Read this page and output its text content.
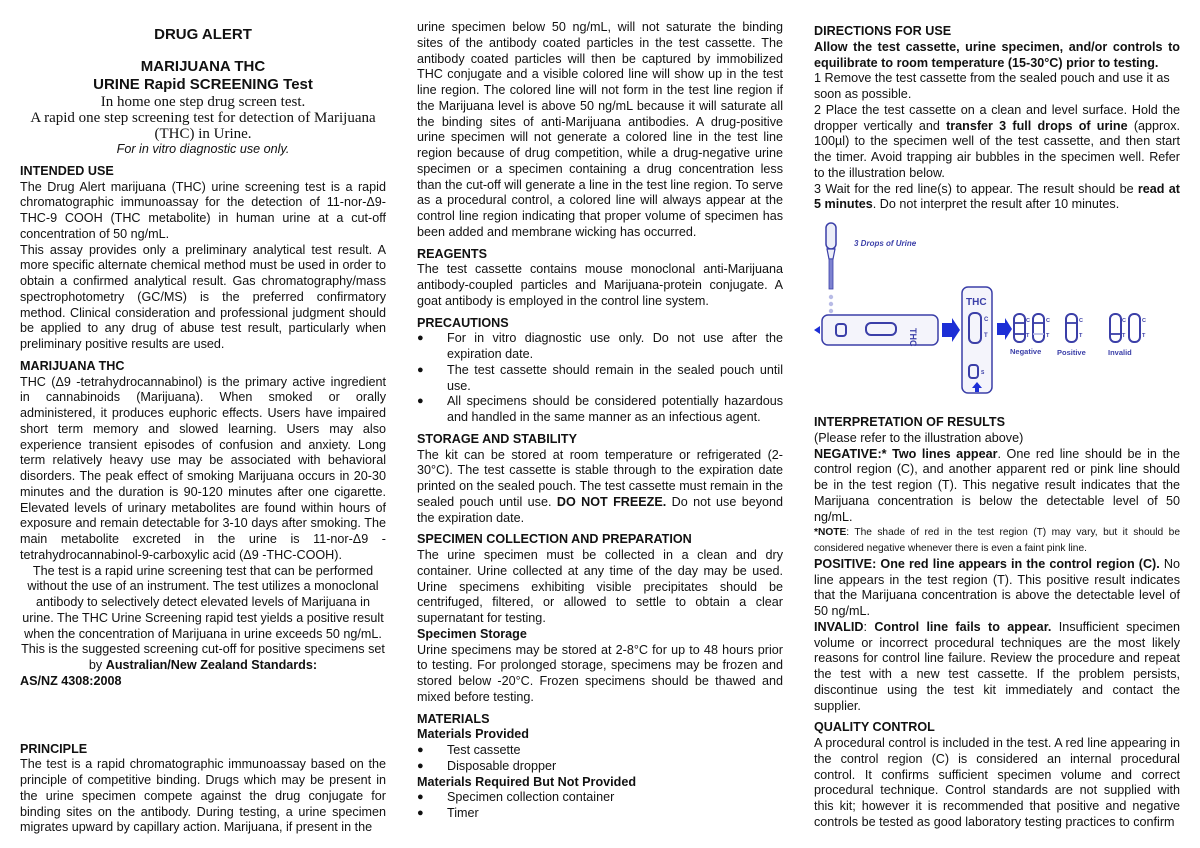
DRUG ALERT
MARIJUANA THC
URINE Rapid SCREENING Test
In home one step drug screen test.
A rapid one step screening test for detection of Marijuana (THC) in Urine.
For in vitro diagnostic use only.
INTENDED USE

The Drug Alert marijuana (THC) urine screening test is a rapid chromatographic immunoassay for the detection of 11-nor-Δ9-THC-9 COOH (THC metabolite) in human urine at a cut-off concentration of 50 ng/mL.

This assay provides only a preliminary analytical test result. A more specific alternate chemical method must be used in order to obtain a confirmed analytical result. Gas chromatography/mass spectrophotometry (GC/MS) is the preferred confirmatory method. Clinical consideration and professional judgment should be applied to any drug of abuse test result, particularly when preliminary positive results are used.

MARIJUANA THC

THC (Δ9 -tetrahydrocannabinol) is the primary active ingredient in cannabinoids (Marijuana). When smoked or orally administered, it produces euphoric effects. Users have impaired short term memory and slowed learning. Users may also experience transient episodes of confusion and anxiety. Long term relatively heavy use may be associated with behavioral disorders. The peak effect of smoking Marijuana occurs in 20-30 minutes and the duration is 90-120 minutes after one cigarette. Elevated levels of urinary metabolites are found within hours of exposure and remain detectable for 3-10 days after smoking. The main metabolite excreted in the urine is 11-nor-Δ9 -tetrahydrocannabinol-9-carboxylic acid (Δ9 -THC-COOH).

The test is a rapid urine screening test that can be performed without the use of an instrument. The test utilizes a monoclonal antibody to selectively detect elevated levels of Marijuana in urine. The THC Urine Screening rapid test yields a positive result when the concentration of Marijuana in urine exceeds 50 ng/mL. This is the suggested screening cut-off for positive specimens set by Australian/New Zealand Standards:

AS/NZ 4308:2008

PRINCIPLE

The test is a rapid chromatographic immunoassay based on the principle of competitive binding. Drugs which may be present in the urine specimen compete against the drug conjugate for binding sites on the antibody. During testing, a urine specimen migrates upward by capillary action. Marijuana, if present in the

urine specimen below 50 ng/mL, will not saturate the binding sites of the antibody coated particles in the test cassette. The antibody coated particles will then be captured by immobilized THC conjugate and a visible colored line will show up in the test line region. The colored line will not form in the test line region if the Marijuana level is above 50 ng/mL because it will saturate all the binding sites of anti-Marijuana antibodies. A drug-positive urine specimen will not generate a colored line in the test line region because of drug competition, while a drug-negative urine specimen or a specimen containing a drug concentration less than the cut-off will generate a line in the test line region. To serve as a procedural control, a colored line will always appear at the control line region indicating that proper volume of specimen has been added and membrane wicking has occurred.

REAGENTS

The test cassette contains mouse monoclonal anti-Marijuana antibody-coupled particles and Marijuana-protein conjugate. A goat antibody is employed in the control line system.

PRECAUTIONS
● For in vitro diagnostic use only. Do not use after the expiration date.
● The test cassette should remain in the sealed pouch until use.
● All specimens should be considered potentially hazardous and handled in the same manner as an infectious agent.
STORAGE AND STABILITY

The kit can be stored at room temperature or refrigerated (2-30°C). The test cassette is stable through to the expiration date printed on the sealed pouch. The test cassette must remain in the sealed pouch until use. DO NOT FREEZE. Do not use beyond the expiration date.

SPECIMEN COLLECTION AND PREPARATION

The urine specimen must be collected in a clean and dry container. Urine collected at any time of the day may be used. Urine specimens exhibiting visible precipitates should be centrifuged, filtered, or allowed to settle to obtain a clear supernatant for testing.

Specimen Storage

Urine specimens may be stored at 2-8°C for up to 48 hours prior to testing. For prolonged storage, specimens may be frozen and stored below -20°C. Frozen specimens should be thawed and mixed before testing.

MATERIALS

Materials Provided

● Test cassette
● Disposable dropper

Materials Required But Not Provided

● Specimen collection container
● Timer
DIRECTIONS FOR USE

Allow the test cassette, urine specimen, and/or controls to equilibrate to room temperature (15-30°C) prior to testing.

1 Remove the test cassette from the sealed pouch and use it as soon as possible.

2 Place the test cassette on a clean and level surface. Hold the dropper vertically and transfer 3 full drops of urine (approx. 100µl) to the specimen well of the test cassette, and then start the timer. Avoid trapping air bubbles in the specimen well. Refer to the illustration below.

3 Wait for the red line(s) to appear. The result should be read at 5 minutes. Do not interpret the result after 10 minutes.

3 Drops of Urine
THC
THC
C
T
S
C
T
C
T
Negative
C
T
Positive
C
T
C
T
Invalid
INTERPRETATION OF RESULTS

(Please refer to the illustration above)

NEGATIVE:* Two lines appear. One red line should be in the control region (C), and another apparent red or pink line should be in the test region (T). This negative result indicates that the Marijuana concentration is below the detectable level of 50 ng/mL.

*NOTE: The shade of red in the test region (T) may vary, but it should be considered negative whenever there is even a faint pink line.

POSITIVE: One red line appears in the control region (C). No line appears in the test region (T). This positive result indicates that the Marijuana concentration is above the detectable level of 50 ng/mL.

INVALID: Control line fails to appear. Insufficient specimen volume or incorrect procedural techniques are the most likely reasons for control line failure. Review the procedure and repeat the test with a new test cassette. If the problem persists, discontinue using the test kit immediately and contact the supplier.

QUALITY CONTROL

A procedural control is included in the test. A red line appearing in the control region (C) is considered an internal procedural control. It confirms sufficient specimen volume and correct procedural technique. Control standards are not supplied with this kit; however it is recommended that positive and negative controls be tested as good laboratory testing practices to confirm
